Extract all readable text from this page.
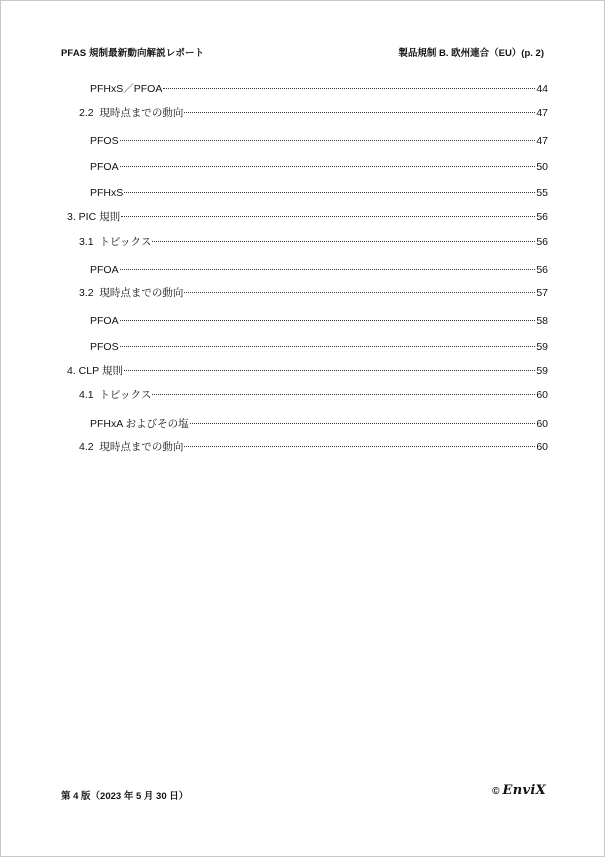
PFAS 規制最新動向解説レポート	製品規制 B. 欧州連合（EU）(p. 2)
PFHxS／PFOA	44
2.2  現時点までの動向	47
PFOS	47
PFOA	50
PFHxS	55
3. PIC 規則	56
3.1  トピックス	56
PFOA	56
3.2  現時点までの動向	57
PFOA	58
PFOS	59
4. CLP 規則	59
4.1  トピックス	60
PFHxA およびその塩	60
4.2  現時点までの動向	60
第 4 版（2023 年 5 月 30 日）	© EnviX
